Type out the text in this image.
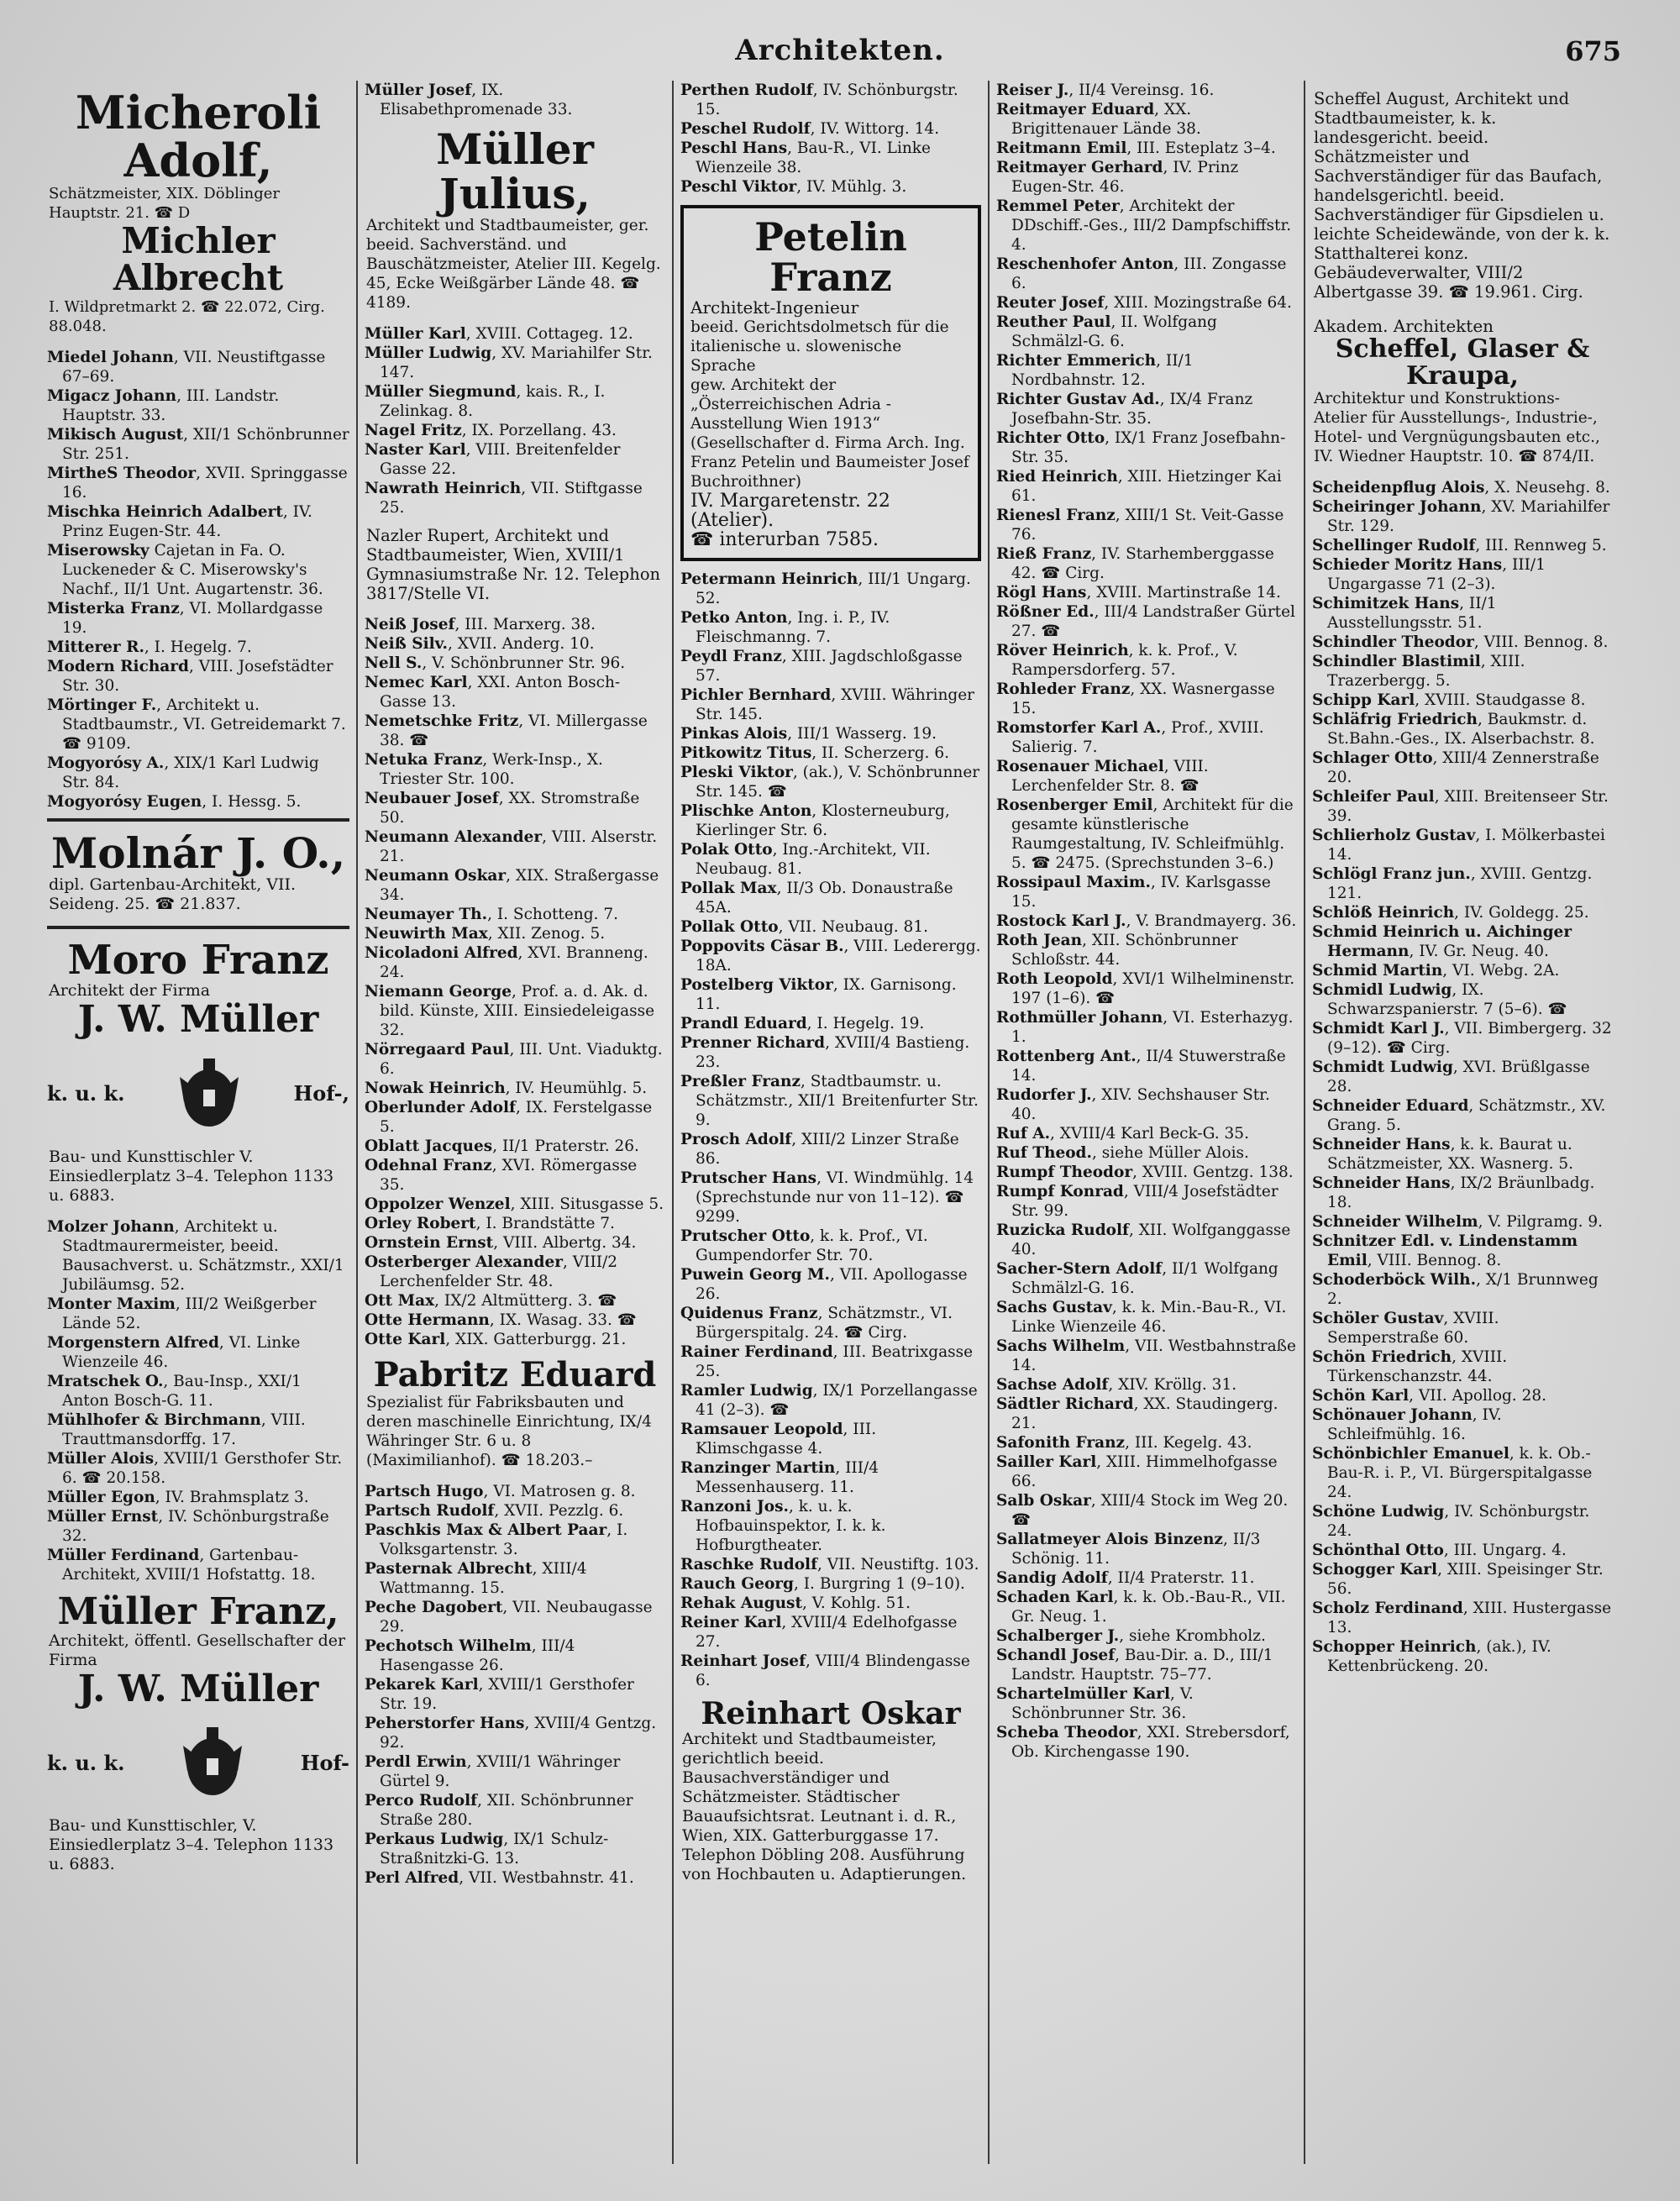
Architekten.	675
Micheroli Adolf,
Schätzmeister, XIX. Döblinger Hauptstr. 21. ☎ D
Michler Albrecht
I. Wildpretmarkt 2. ☎ 22.072, Cirg. 88.048.
Miedel Johann, VII. Neustiftgasse 67–69.
Migacz Johann, III. Landstr. Hauptstr. 33.
Mikisch August, XII/1 Schönbrunner Str. 251.
MirtheS Theodor, XVII. Springgasse 16.
Mischka Heinrich Adalbert, IV. Prinz Eugen-Str. 44.
Miserowsky Cajetan in Fa. O. Luckeneder & C. Miserowsky's Nachf., II/1 Unt. Augartenstr. 36.
Misterka Franz, VI. Mollardgasse 19.
Mitterer R., I. Hegelg. 7.
Modern Richard, VIII. Josefstädter Str. 30.
Mörtinger F., Architekt u. Stadtbaumstr., VI. Getreidemarkt 7. ☎ 9109.
Mogyorósy A., XIX/1 Karl Ludwig Str. 84.
Mogyorósy Eugen, I. Hessg. 5.
Molnár J. O.,
dipl. Gartenbau-Architekt, VII. Seideng. 25. ☎ 21.837.
Moro Franz
Architekt der Firma
J. W. Müller
k. u. k.	Hof-,
Bau- und Kunsttischler V. Einsiedlerplatz 3–4. Telephon 1133 u. 6883.
Molzer Johann, Architekt u. Stadtmaurermeister, beeid. Bausachverst. u. Schätzmstr., XXI/1 Jubiläumsg. 52.
Monter Maxim, III/2 Weißgerber Lände 52.
Morgenstern Alfred, VI. Linke Wienzeile 46.
Mratschek O., Bau-Insp., XXI/1 Anton Bosch-G. 11.
Mühlhofer & Birchmann, VIII. Trauttmansdorffg. 17.
Müller Alois, XVIII/1 Gersthofer Str. 6. ☎ 20.158.
Müller Egon, IV. Brahmsplatz 3.
Müller Ernst, IV. Schönburgstraße 32.
Müller Ferdinand, Gartenbau-Architekt, XVIII/1 Hofstattg. 18.
Müller Franz,
Architekt, öffentl. Gesellschafter der Firma
J. W. Müller
k. u. k.	Hof-
Bau- und Kunsttischler, V. Einsiedlerplatz 3–4. Telephon 1133 u. 6883.
Müller Josef, IX. Elisabethpromenade 33.
Müller Julius,
Architekt und Stadtbaumeister, ger. beeid. Sachverständ. und Bauschätzmeister, Atelier III. Kegelg. 45, Ecke Weißgärber Lände 48. ☎ 4189.
Müller Karl, XVIII. Cottageg. 12.
Müller Ludwig, XV. Mariahilfer Str. 147.
Müller Siegmund, kais. R., I. Zelinkag. 8.
Nagel Fritz, IX. Porzellang. 43.
Naster Karl, VIII. Breitenfelder Gasse 22.
Nawrath Heinrich, VII. Stiftgasse 25.
Nazler Rupert, Architekt und Stadtbaumeister, Wien, XVIII/1 Gymnasiumstraße Nr. 12. Telephon 3817/Stelle VI.
Neiß Josef, III. Marxerg. 38.
Neiß Silv., XVII. Anderg. 10.
Nell S., V. Schönbrunner Str. 96.
Nemec Karl, XXI. Anton Bosch-Gasse 13.
Nemetschke Fritz, VI. Millergasse 38. ☎
Netuka Franz, Werk-Insp., X. Triester Str. 100.
Neubauer Josef, XX. Stromstraße 50.
Neumann Alexander, VIII. Alserstr. 21.
Neumann Oskar, XIX. Straßergasse 34.
Neumayer Th., I. Schotteng. 7.
Neuwirth Max, XII. Zenog. 5.
Nicoladoni Alfred, XVI. Branneng. 24.
Niemann George, Prof. a. d. Ak. d. bild. Künste, XIII. Einsiedeleigasse 32.
Nörregaard Paul, III. Unt. Viaduktg. 6.
Nowak Heinrich, IV. Heumühlg. 5.
Oberlunder Adolf, IX. Ferstelgasse 5.
Oblatt Jacques, II/1 Praterstr. 26.
Odehnal Franz, XVI. Römergasse 35.
Oppolzer Wenzel, XIII. Situsgasse 5.
Orley Robert, I. Brandstätte 7.
Ornstein Ernst, VIII. Albertg. 34.
Osterberger Alexander, VIII/2 Lerchenfelder Str. 48.
Ott Max, IX/2 Altmütterg. 3. ☎
Otte Hermann, IX. Wasag. 33. ☎
Otte Karl, XIX. Gatterburgg. 21.
Pabritz Eduard
Spezialist für Fabriksbauten und deren maschinelle Einrichtung, IX/4 Währinger Str. 6 u. 8 (Maximilianhof). ☎ 18.203.–
Partsch Hugo, VI. Matrosen g. 8.
Partsch Rudolf, XVII. Pezzlg. 6.
Paschkis Max & Albert Paar, I. Volksgartenstr. 3.
Pasternak Albrecht, XIII/4 Wattmanng. 15.
Peche Dagobert, VII. Neubaugasse 29.
Pechotsch Wilhelm, III/4 Hasengasse 26.
Pekarek Karl, XVIII/1 Gersthofer Str. 19.
Peherstorfer Hans, XVIII/4 Gentzg. 92.
Perdl Erwin, XVIII/1 Währinger Gürtel 9.
Perco Rudolf, XII. Schönbrunner Straße 280.
Perkaus Ludwig, IX/1 Schulz-Straßnitzki-G. 13.
Perl Alfred, VII. Westbahnstr. 41.
Perthen Rudolf, IV. Schönburgstr. 15.
Peschel Rudolf, IV. Wittorg. 14.
Peschl Hans, Bau-R., VI. Linke Wienzeile 38.
Peschl Viktor, IV. Mühlg. 3.
Petelin Franz
Architekt-Ingenieur
beeid. Gerichtsdolmetsch für die italienische u. slowenische Sprache
gew. Architekt der „Österreichischen Adria - Ausstellung Wien 1913“
(Gesellschafter d. Firma Arch. Ing. Franz Petelin und Baumeister Josef Buchroithner)
IV. Margaretenstr. 22 (Atelier).
☎ interurban 7585.
Petermann Heinrich, III/1 Ungarg. 52.
Petko Anton, Ing. i. P., IV. Fleischmanng. 7.
Peydl Franz, XIII. Jagdschloßgasse 57.
Pichler Bernhard, XVIII. Währinger Str. 145.
Pinkas Alois, III/1 Wasserg. 19.
Pitkowitz Titus, II. Scherzerg. 6.
Pleski Viktor, (ak.), V. Schönbrunner Str. 145. ☎
Plischke Anton, Klosterneuburg, Kierlinger Str. 6.
Polak Otto, Ing.-Architekt, VII. Neubaug. 81.
Pollak Max, II/3 Ob. Donaustraße 45A.
Pollak Otto, VII. Neubaug. 81.
Poppovits Cäsar B., VIII. Lederergg. 18A.
Postelberg Viktor, IX. Garnisong. 11.
Prandl Eduard, I. Hegelg. 19.
Prenner Richard, XVIII/4 Bastieng. 23.
Preßler Franz, Stadtbaumstr. u. Schätzmstr., XII/1 Breitenfurter Str. 9.
Prosch Adolf, XIII/2 Linzer Straße 86.
Prutscher Hans, VI. Windmühlg. 14 (Sprechstunde nur von 11–12). ☎ 9299.
Prutscher Otto, k. k. Prof., VI. Gumpendorfer Str. 70.
Puwein Georg M., VII. Apollogasse 26.
Quidenus Franz, Schätzmstr., VI. Bürgerspitalg. 24. ☎ Cirg.
Rainer Ferdinand, III. Beatrixgasse 25.
Ramler Ludwig, IX/1 Porzellangasse 41 (2–3). ☎
Ramsauer Leopold, III. Klimschgasse 4.
Ranzinger Martin, III/4 Messenhauserg. 11.
Ranzoni Jos., k. u. k. Hofbauinspektor, I. k. k. Hofburgtheater.
Raschke Rudolf, VII. Neustiftg. 103.
Rauch Georg, I. Burgring 1 (9–10).
Rehak August, V. Kohlg. 51.
Reiner Karl, XVIII/4 Edelhofgasse 27.
Reinhart Josef, VIII/4 Blindengasse 6.
Reinhart Oskar
Architekt und Stadtbaumeister, gerichtlich beeid. Bausachverständiger und Schätzmeister. Städtischer Bauaufsichtsrat. Leutnant i. d. R., Wien, XIX. Gatterburggasse 17. Telephon Döbling 208. Ausführung von Hochbauten u. Adaptierungen.
Reiser J., II/4 Vereinsg. 16.
Reitmayer Eduard, XX. Brigittenauer Lände 38.
Reitmann Emil, III. Esteplatz 3–4.
Reitmayer Gerhard, IV. Prinz Eugen-Str. 46.
Remmel Peter, Architekt der DDschiff.-Ges., III/2 Dampfschiffstr. 4.
Reschenhofer Anton, III. Zongasse 6.
Reuter Josef, XIII. Mozingstraße 64.
Reuther Paul, II. Wolfgang Schmälzl-G. 6.
Richter Emmerich, II/1 Nordbahnstr. 12.
Richter Gustav Ad., IX/4 Franz Josefbahn-Str. 35.
Richter Otto, IX/1 Franz Josefbahn-Str. 35.
Ried Heinrich, XIII. Hietzinger Kai 61.
Rienesl Franz, XIII/1 St. Veit-Gasse 76.
Rieß Franz, IV. Starhemberggasse 42. ☎ Cirg.
Rögl Hans, XVIII. Martinstraße 14.
Rößner Ed., III/4 Landstraßer Gürtel 27. ☎
Röver Heinrich, k. k. Prof., V. Rampersdorferg. 57.
Rohleder Franz, XX. Wasnergasse 15.
Romstorfer Karl A., Prof., XVIII. Salierig. 7.
Rosenauer Michael, VIII. Lerchenfelder Str. 8. ☎
Rosenberger Emil, Architekt für die gesamte künstlerische Raumgestaltung, IV. Schleifmühlg. 5. ☎ 2475. (Sprechstunden 3–6.)
Rossipaul Maxim., IV. Karlsgasse 15.
Rostock Karl J., V. Brandmayerg. 36.
Roth Jean, XII. Schönbrunner Schloßstr. 44.
Roth Leopold, XVI/1 Wilhelminenstr. 197 (1–6). ☎
Rothmüller Johann, VI. Esterhazyg. 1.
Rottenberg Ant., II/4 Stuwerstraße 14.
Rudorfer J., XIV. Sechshauser Str. 40.
Ruf A., XVIII/4 Karl Beck-G. 35.
Ruf Theod., siehe Müller Alois.
Rumpf Theodor, XVIII. Gentzg. 138.
Rumpf Konrad, VIII/4 Josefstädter Str. 99.
Ruzicka Rudolf, XII. Wolfganggasse 40.
Sacher-Stern Adolf, II/1 Wolfgang Schmälzl-G. 16.
Sachs Gustav, k. k. Min.-Bau-R., VI. Linke Wienzeile 46.
Sachs Wilhelm, VII. Westbahnstraße 14.
Sachse Adolf, XIV. Kröllg. 31.
Sädtler Richard, XX. Staudingerg. 21.
Safonith Franz, III. Kegelg. 43.
Sailler Karl, XIII. Himmelhofgasse 66.
Salb Oskar, XIII/4 Stock im Weg 20. ☎
Sallatmeyer Alois Binzenz, II/3 Schönig. 11.
Sandig Adolf, II/4 Praterstr. 11.
Schaden Karl, k. k. Ob.-Bau-R., VII. Gr. Neug. 1.
Schalberger J., siehe Krombholz.
Schandl Josef, Bau-Dir. a. D., III/1 Landstr. Hauptstr. 75–77.
Schartelmüller Karl, V. Schönbrunner Str. 36.
Scheba Theodor, XXI. Strebersdorf, Ob. Kirchengasse 190.
Scheffel August, Architekt und Stadtbaumeister, k. k. landesgericht. beeid. Schätzmeister und Sachverständiger für das Baufach, handelsgerichtl. beeid. Sachverständiger für Gipsdielen u. leichte Scheidewände, von der k. k. Statthalterei konz. Gebäudeverwalter, VIII/2 Albertgasse 39. ☎ 19.961. Cirg.
Akadem. Architekten
Scheffel, Glaser & Kraupa,
Architektur und Konstruktions-Atelier für Ausstellungs-, Industrie-, Hotel- und Vergnügungsbauten etc., IV. Wiedner Hauptstr. 10. ☎ 874/II.
Scheidenpflug Alois, X. Neusehg. 8.
Scheiringer Johann, XV. Mariahilfer Str. 129.
Schellinger Rudolf, III. Rennweg 5.
Schieder Moritz Hans, III/1 Ungargasse 71 (2–3).
Schimitzek Hans, II/1 Ausstellungsstr. 51.
Schindler Theodor, VIII. Bennog. 8.
Schindler Blastimil, XIII. Trazerbergg. 5.
Schipp Karl, XVIII. Staudgasse 8.
Schläfrig Friedrich, Baukmstr. d. St.Bahn.-Ges., IX. Alserbachstr. 8.
Schlager Otto, XIII/4 Zennerstraße 20.
Schleifer Paul, XIII. Breitenseer Str. 39.
Schlierholz Gustav, I. Mölkerbastei 14.
Schlögl Franz jun., XVIII. Gentzg. 121.
Schlöß Heinrich, IV. Goldegg. 25.
Schmid Heinrich u. Aichinger Hermann, IV. Gr. Neug. 40.
Schmid Martin, VI. Webg. 2A.
Schmidl Ludwig, IX. Schwarzspanierstr. 7 (5–6). ☎
Schmidt Karl J., VII. Bimbergerg. 32 (9–12). ☎ Cirg.
Schmidt Ludwig, XVI. Brüßlgasse 28.
Schneider Eduard, Schätzmstr., XV. Grang. 5.
Schneider Hans, k. k. Baurat u. Schätzmeister, XX. Wasnerg. 5.
Schneider Hans, IX/2 Bräunlbadg. 18.
Schneider Wilhelm, V. Pilgramg. 9.
Schnitzer Edl. v. Lindenstamm Emil, VIII. Bennog. 8.
Schoderböck Wilh., X/1 Brunnweg 2.
Schöler Gustav, XVIII. Semperstraße 60.
Schön Friedrich, XVIII. Türkenschanzstr. 44.
Schön Karl, VII. Apollog. 28.
Schönauer Johann, IV. Schleifmühlg. 16.
Schönbichler Emanuel, k. k. Ob.-Bau-R. i. P., VI. Bürgerspitalgasse 24.
Schöne Ludwig, IV. Schönburgstr. 24.
Schönthal Otto, III. Ungarg. 4.
Schogger Karl, XIII. Speisinger Str. 56.
Scholz Ferdinand, XIII. Hustergasse 13.
Schopper Heinrich, (ak.), IV. Kettenbrückeng. 20.
